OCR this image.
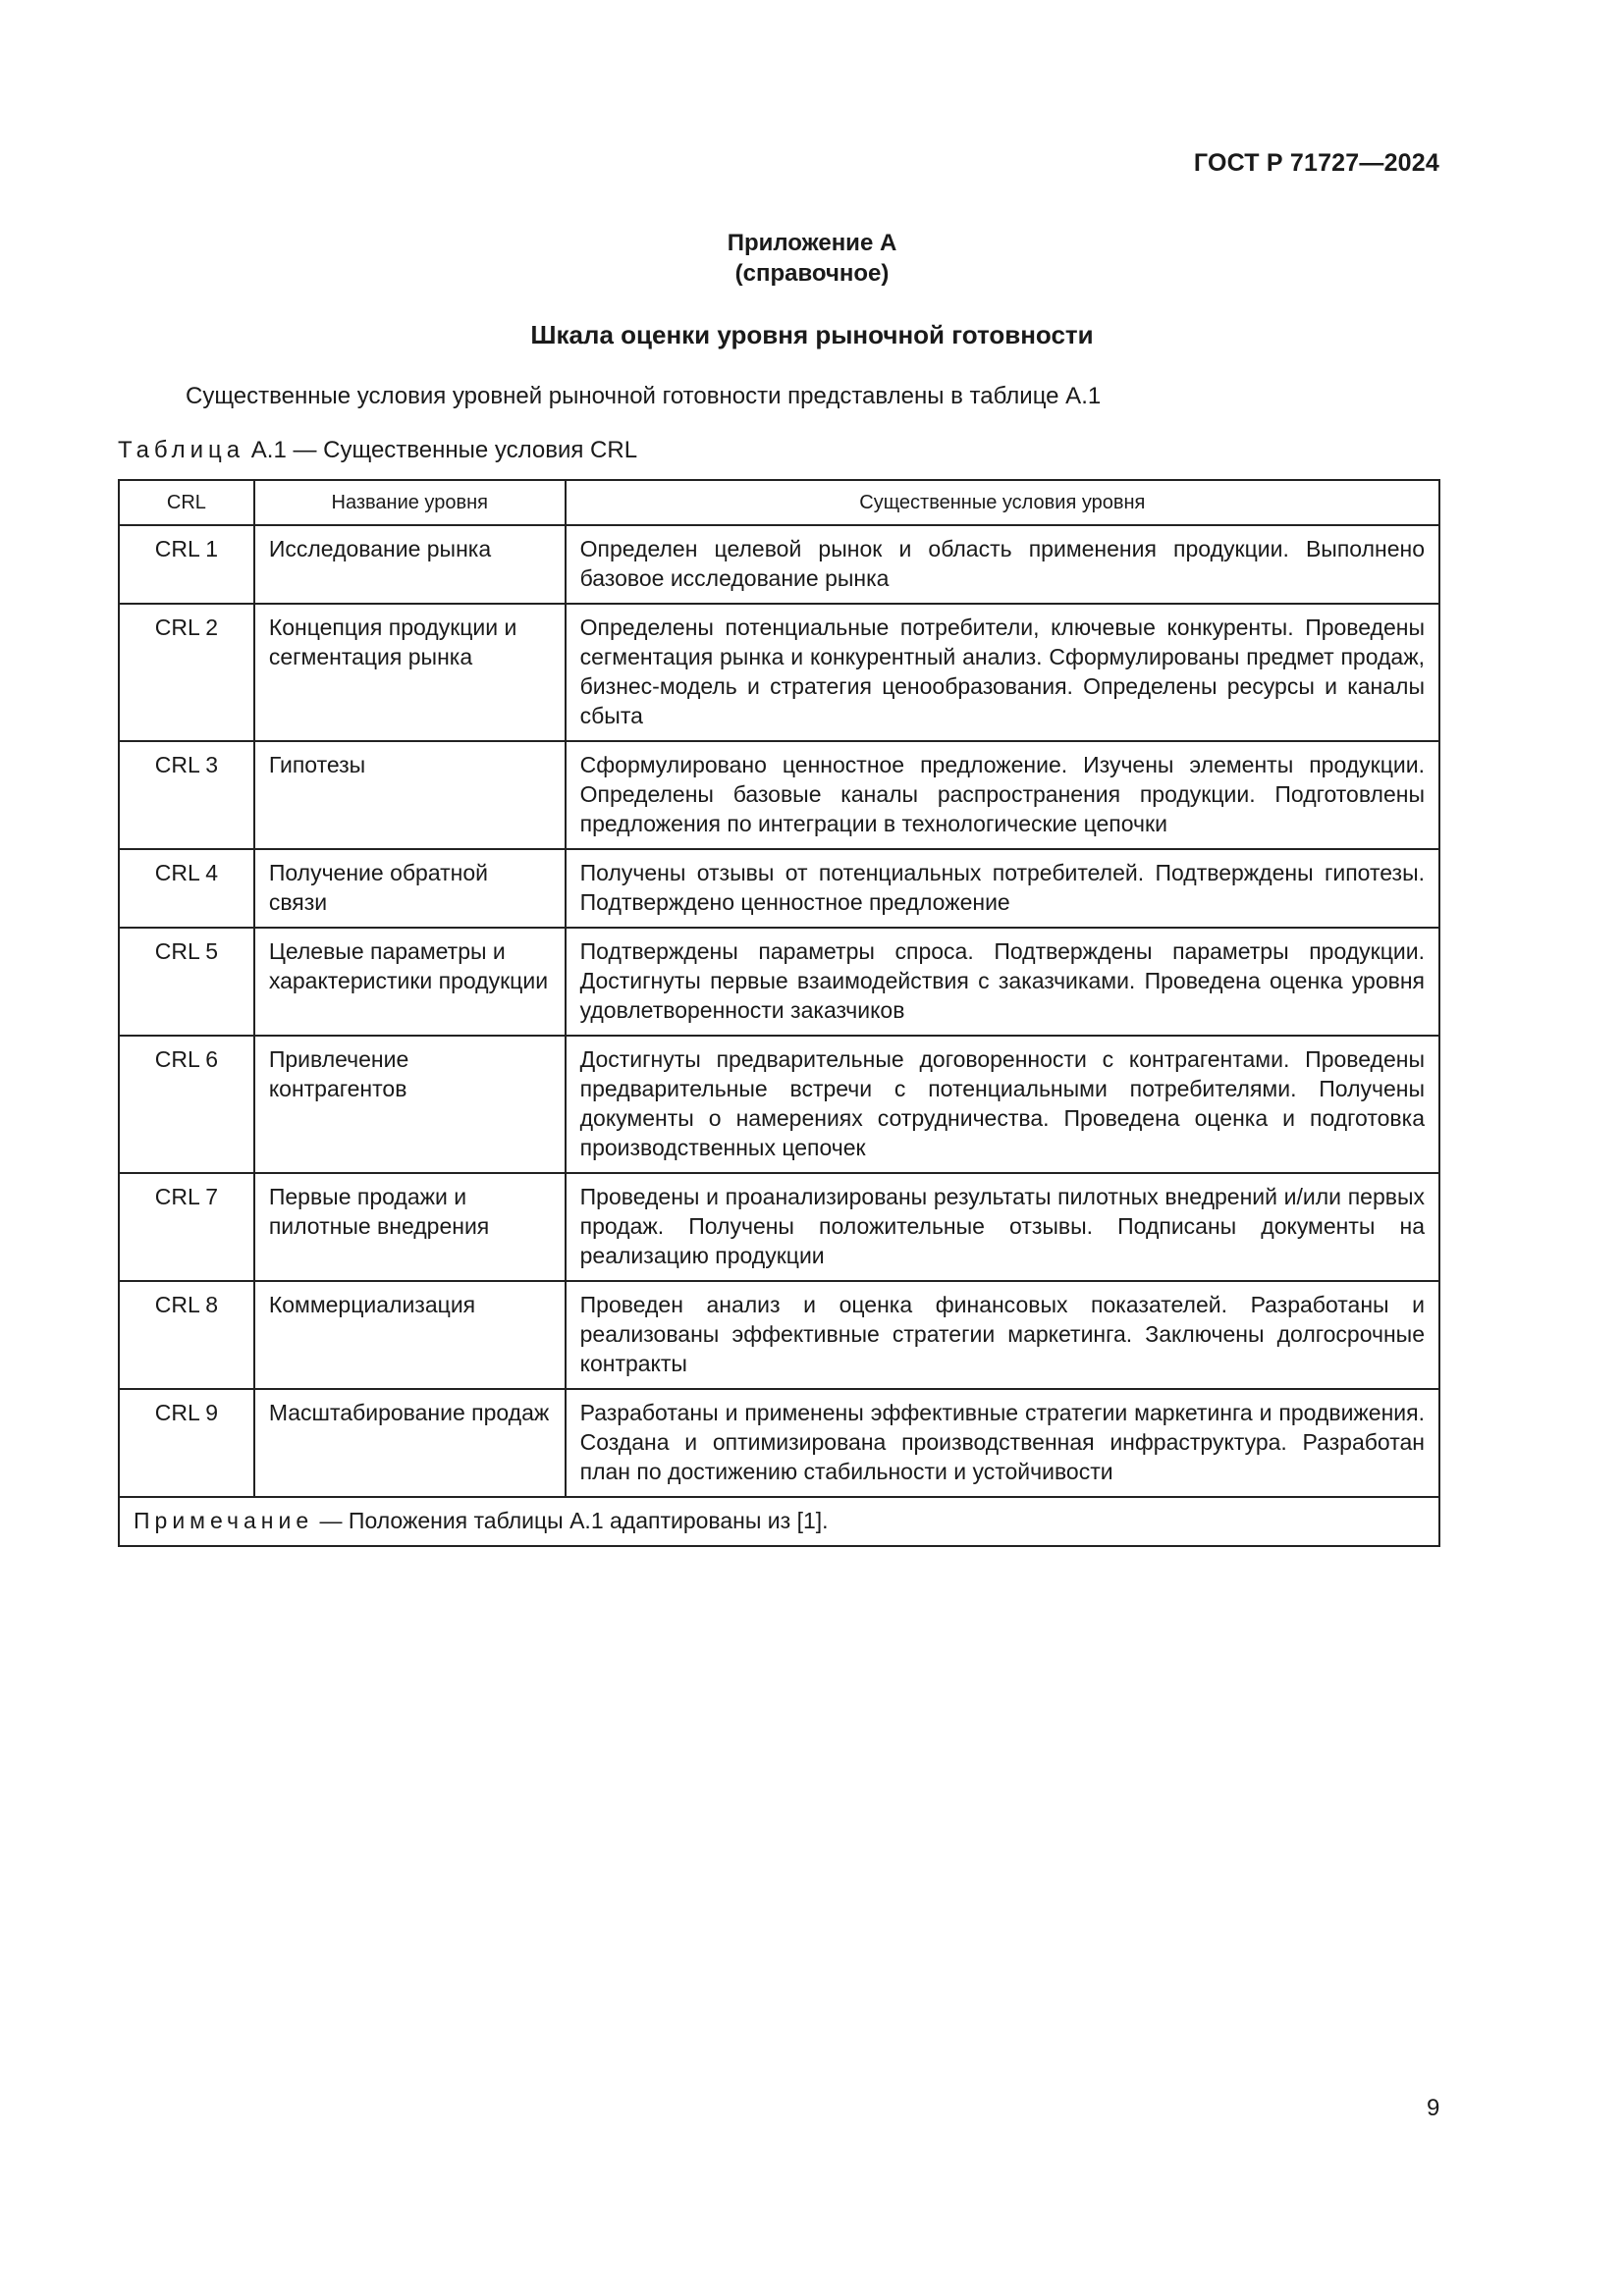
ГОСТ Р 71727—2024
Приложение А
(справочное)
Шкала оценки уровня рыночной готовности
Существенные условия уровней рыночной готовности представлены в таблице А.1
Таблица А.1 — Существенные условия CRL
CRL	Название уровня	Существенные условия уровня
CRL 1	Исследование рынка	Определен целевой рынок и область применения продукции. Выполнено базовое исследование рынка
CRL 2	Концепция продукции и сегментация рынка	Определены потенциальные потребители, ключевые конкуренты. Проведены сегментация рынка и конкурентный анализ. Сформулированы предмет продаж, бизнес-модель и стратегия ценообразования. Определены ресурсы и каналы сбыта
CRL 3	Гипотезы	Сформулировано ценностное предложение. Изучены элементы продукции. Определены базовые каналы распространения продукции. Подготовлены предложения по интеграции в технологические цепочки
CRL 4	Получение обратной связи	Получены отзывы от потенциальных потребителей. Подтверждены гипотезы. Подтверждено ценностное предложение
CRL 5	Целевые параметры и характеристики продукции	Подтверждены параметры спроса. Подтверждены параметры продукции. Достигнуты первые взаимодействия с заказчиками. Проведена оценка уровня удовлетворенности заказчиков
CRL 6	Привлечение контрагентов	Достигнуты предварительные договоренности с контрагентами. Проведены предварительные встречи с потенциальными потребителями. Получены документы о намерениях сотрудничества. Проведена оценка и подготовка производственных цепочек
CRL 7	Первые продажи и пилотные внедрения	Проведены и проанализированы результаты пилотных внедрений и/или первых продаж. Получены положительные отзывы. Подписаны документы на реализацию продукции
CRL 8	Коммерциализация	Проведен анализ и оценка финансовых показателей. Разработаны и реализованы эффективные стратегии маркетинга. Заключены долгосрочные контракты
CRL 9	Масштабирование продаж	Разработаны и применены эффективные стратегии маркетинга и продвижения. Создана и оптимизирована производственная инфраструктура. Разработан план по достижению стабильности и устойчивости
Примечание — Положения таблицы А.1 адаптированы из [1].		
9
